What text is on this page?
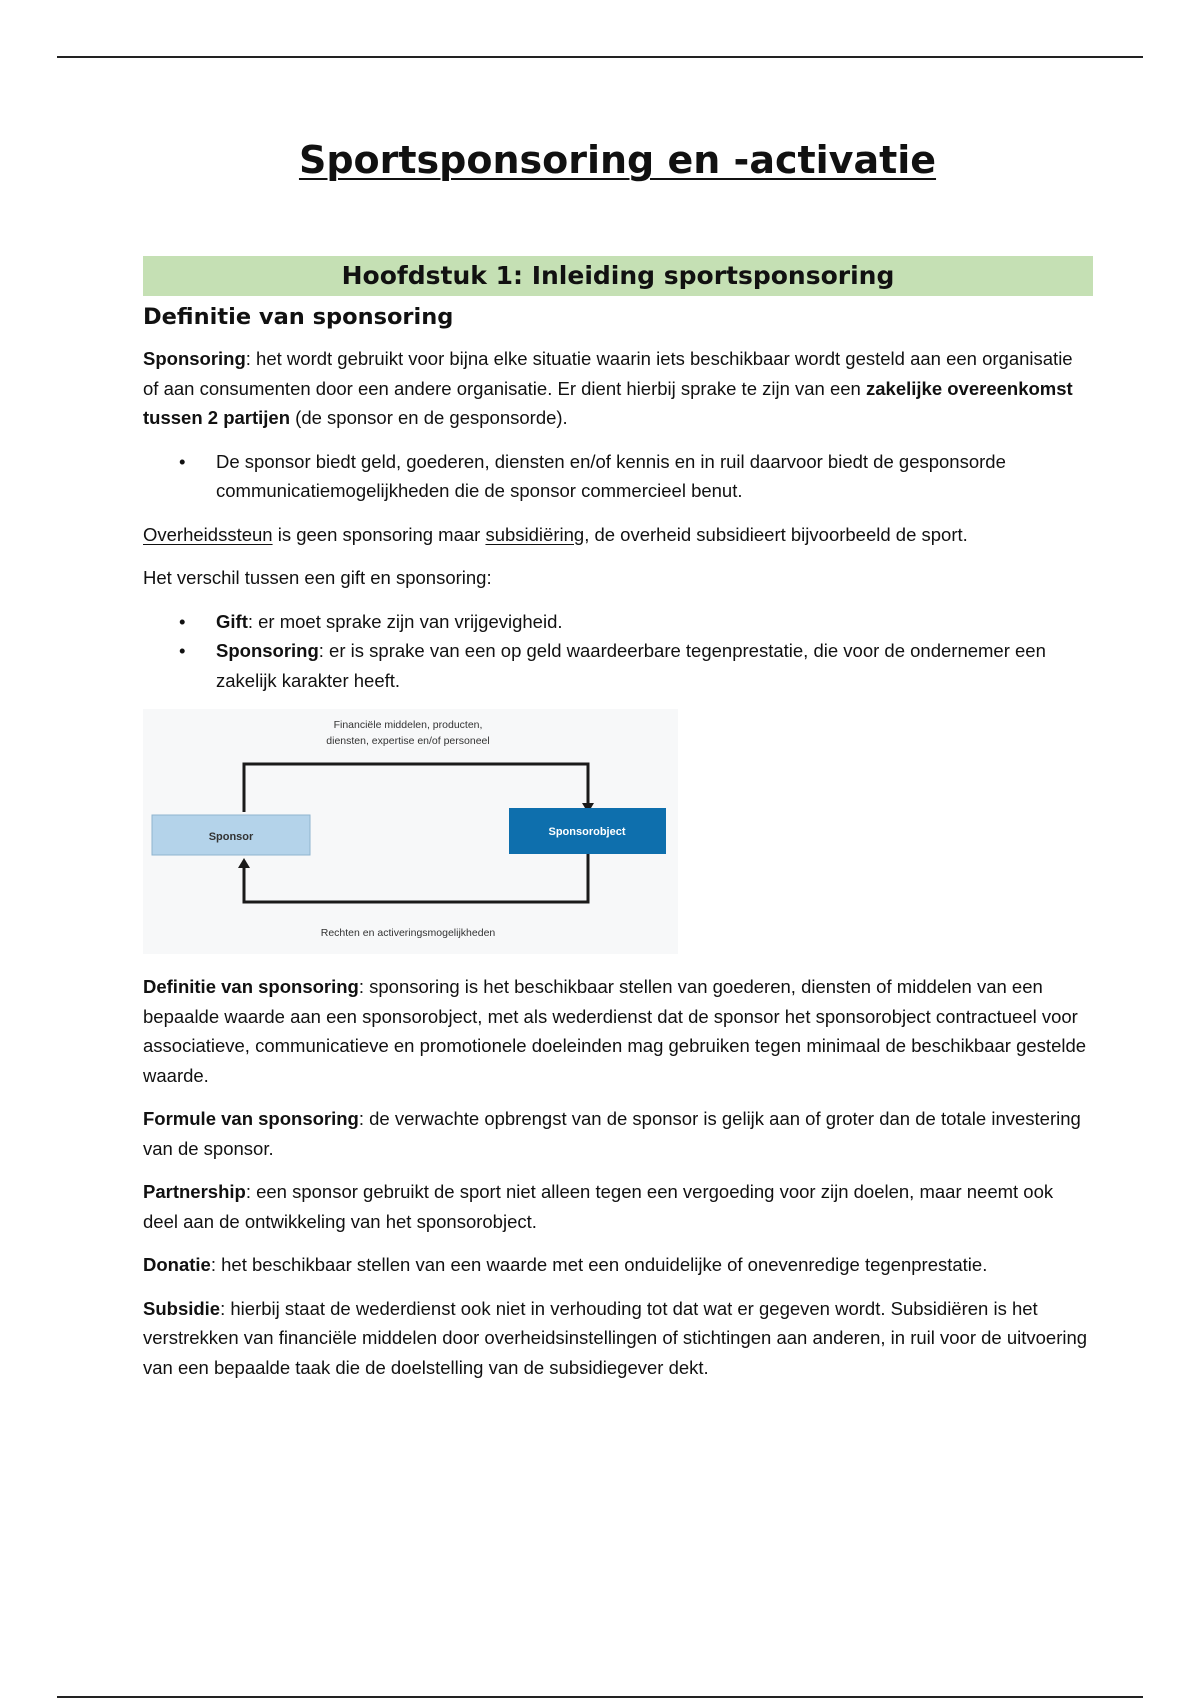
Sportsponsoring en -activatie
Hoofdstuk 1: Inleiding sportsponsoring
Definitie van sponsoring

Sponsoring: het wordt gebruikt voor bijna elke situatie waarin iets beschikbaar wordt gesteld aan een organisatie of aan consumenten door een andere organisatie. Er dient hierbij sprake te zijn van een zakelijke overeenkomst tussen 2 partijen (de sponsor en de gesponsorde).

• De sponsor biedt geld, goederen, diensten en/of kennis en in ruil daarvoor biedt de gesponsorde communicatiemogelijkheden die de sponsor commercieel benut.

Overheidssteun is geen sponsoring maar subsidiëring, de overheid subsidieert bijvoorbeeld de sport.

Het verschil tussen een gift en sponsoring:

• Gift: er moet sprake zijn van vrijgevigheid.
• Sponsoring: er is sprake van een op geld waardeerbare tegenprestatie, die voor de ondernemer een zakelijk karakter heeft.
Financiële middelen, producten,
diensten, expertise en/of personeel
Sponsor	Sponsorobject
Rechten en activeringsmogelijkheden

Definitie van sponsoring: sponsoring is het beschikbaar stellen van goederen, diensten of middelen van een bepaalde waarde aan een sponsorobject, met als wederdienst dat de sponsor het sponsorobject contractueel voor associatieve, communicatieve en promotionele doeleinden mag gebruiken tegen minimaal de beschikbaar gestelde waarde.

Formule van sponsoring: de verwachte opbrengst van de sponsor is gelijk aan of groter dan de totale investering van de sponsor.

Partnership: een sponsor gebruikt de sport niet alleen tegen een vergoeding voor zijn doelen, maar neemt ook deel aan de ontwikkeling van het sponsorobject.

Donatie: het beschikbaar stellen van een waarde met een onduidelijke of onevenredige tegenprestatie.

Subsidie: hierbij staat de wederdienst ook niet in verhouding tot dat wat er gegeven wordt. Subsidiëren is het verstrekken van financiële middelen door overheidsinstellingen of stichtingen aan anderen, in ruil voor de uitvoering van een bepaalde taak die de doelstelling van de subsidiegever dekt.
